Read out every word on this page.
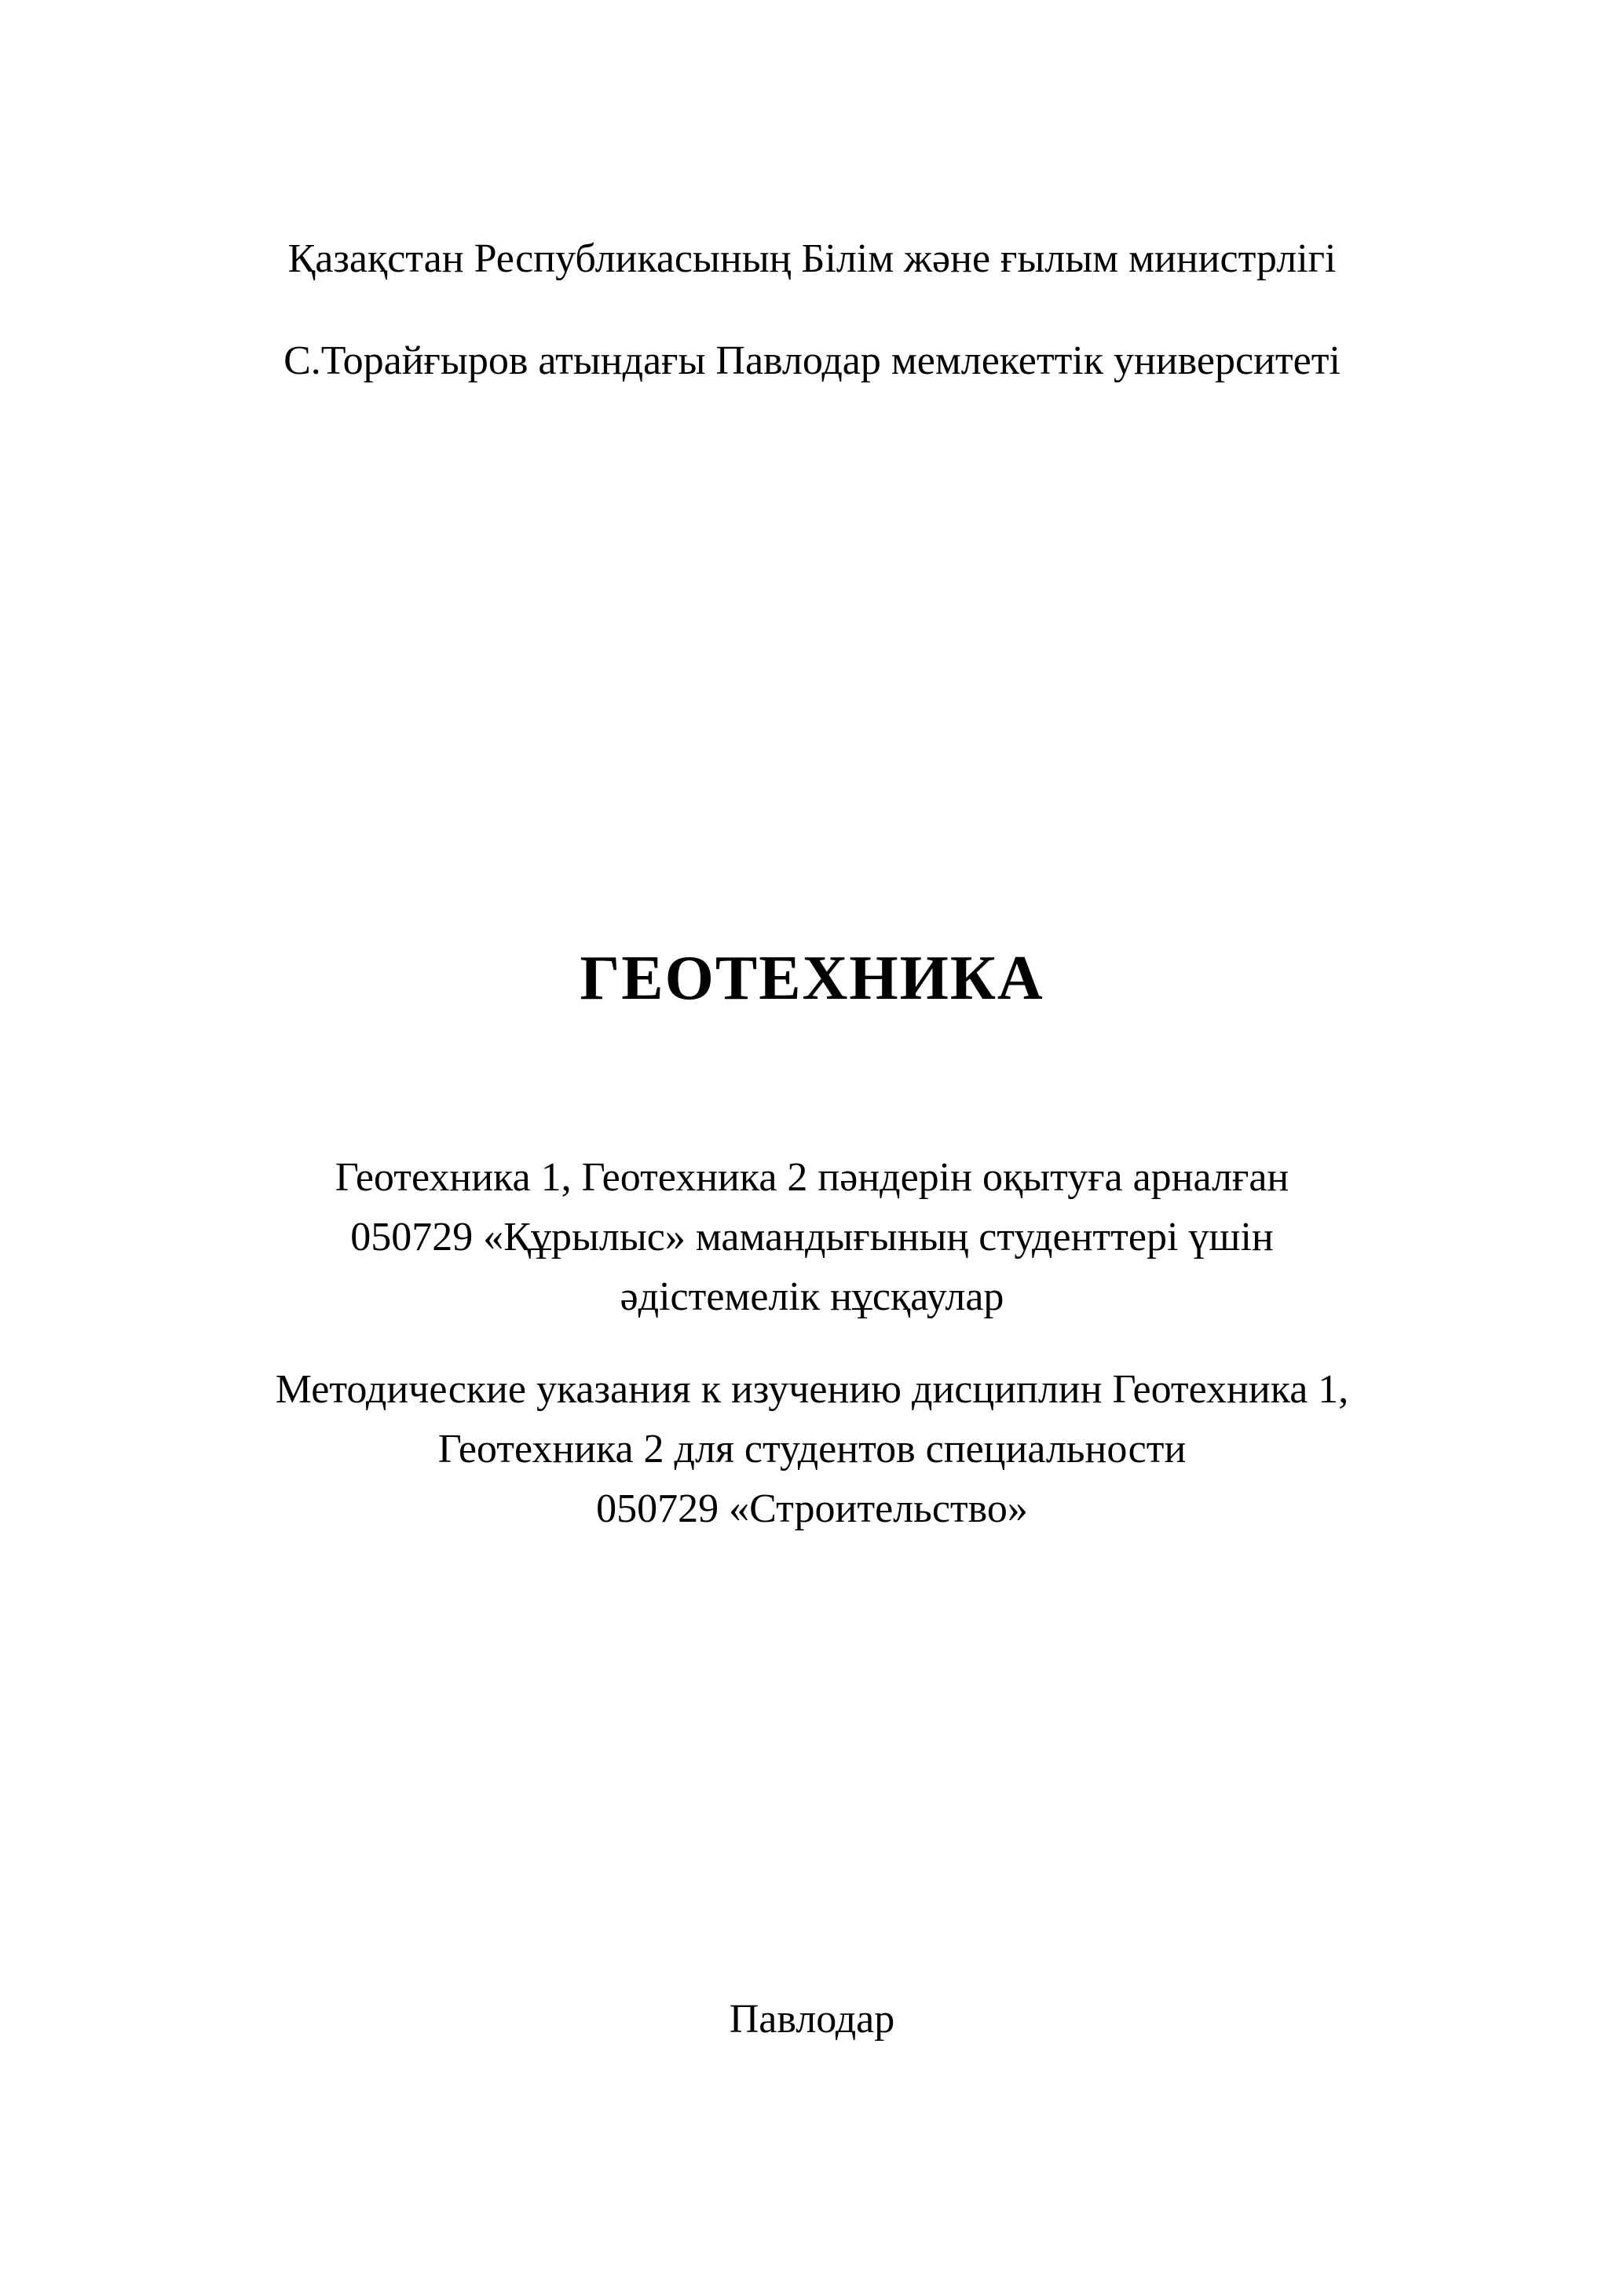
Қазақстан Республикасының Білім және ғылым министрлігі
С.Торайғыров атындағы Павлодар мемлекеттік университеті
ГЕОТЕХНИКА
Геотехника 1, Геотехника 2 пәндерін оқытуға арналған
050729 «Құрылыс» мамандығының студенттері үшін
әдістемелік нұсқаулар
Методические указания к изучению дисциплин Геотехника 1,
Геотехника 2 для студентов специальности
050729 «Строительство»
Павлодар
